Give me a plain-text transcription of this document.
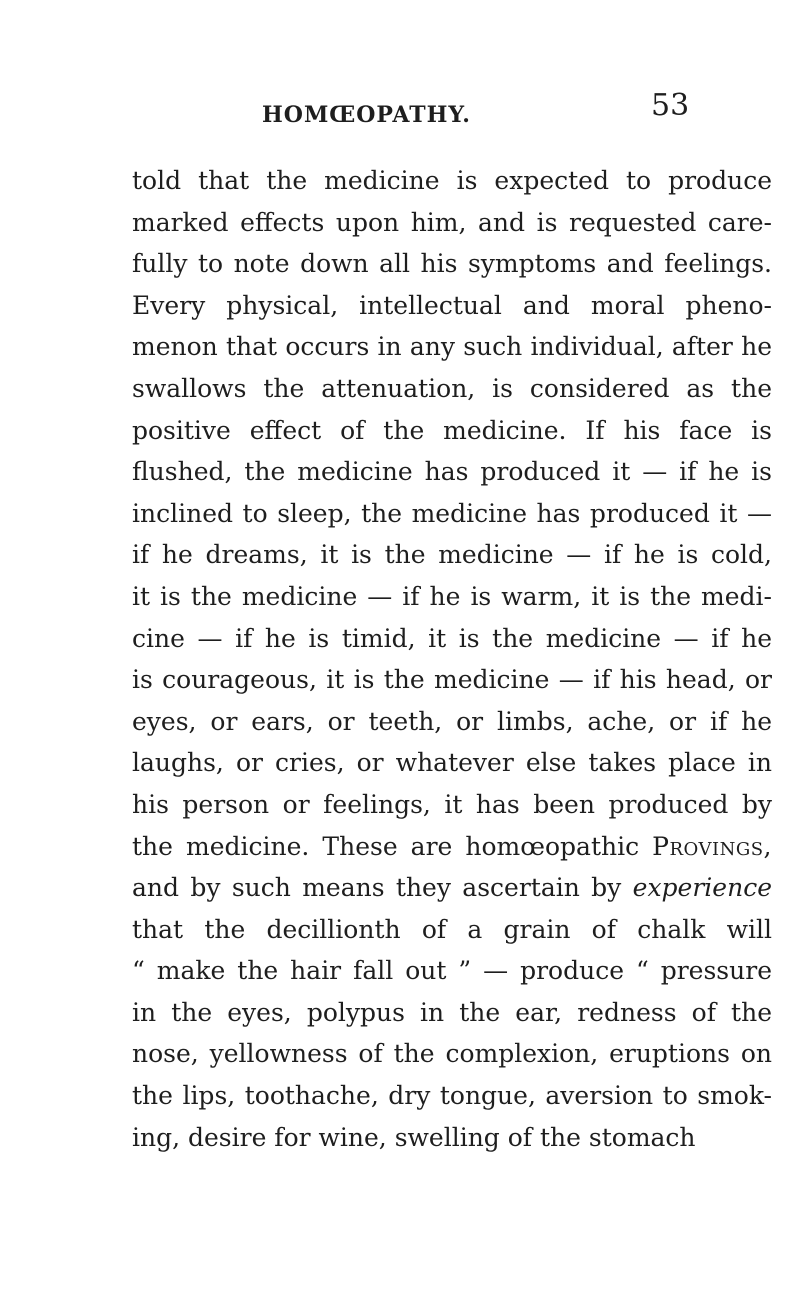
HOMŒOPATHY.	53
told that the medicine is expected to produce
marked effects upon him, and is requested care-
fully to note down all his symptoms and feelings.
Every physical, intellectual and moral pheno-
menon that occurs in any such individual, after he
swallows the attenuation, is considered as the
positive effect of the medicine. If his face is
flushed, the medicine has produced it — if he is
inclined to sleep, the medicine has produced it —
if he dreams, it is the medicine — if he is cold,
it is the medicine — if he is warm, it is the medi-
cine — if he is timid, it is the medicine — if he
is courageous, it is the medicine — if his head, or
eyes, or ears, or teeth, or limbs, ache, or if he
laughs, or cries, or whatever else takes place in
his person or feelings, it has been produced by
the medicine. These are homœopathic Provings,
and by such means they ascertain by experience
that the decillionth of a grain of chalk will
“ make the hair fall out ” — produce “ pressure
in the eyes, polypus in the ear, redness of the
nose, yellowness of the complexion, eruptions on
the lips, toothache, dry tongue, aversion to smok-
ing, desire for wine, swelling of the stomach
